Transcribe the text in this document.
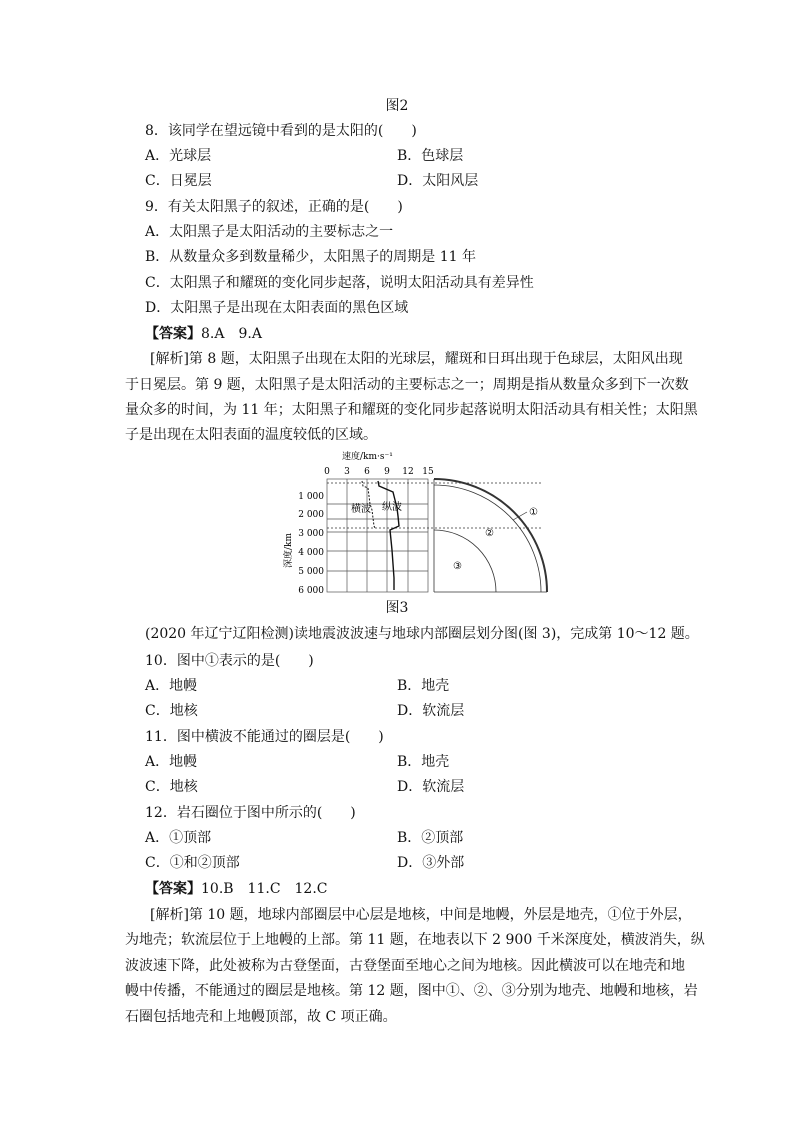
图2
8．该同学在望远镜中看到的是太阳的(　　)
A．光球层	B．色球层
C．日冕层	D．太阳风层
9．有关太阳黑子的叙述，正确的是(　　)
A．太阳黑子是太阳活动的主要标志之一
B．从数量众多到数量稀少，太阳黑子的周期是 11 年
C．太阳黑子和耀斑的变化同步起落，说明太阳活动具有差异性
D．太阳黑子是出现在太阳表面的黑色区域
【答案】8.A　9.A
[解析]第 8 题，太阳黑子出现在太阳的光球层，耀斑和日珥出现于色球层，太阳风出现
于日冕层。第 9 题，太阳黑子是太阳活动的主要标志之一；周期是指从数量众多到下一次数
量众多的时间，为 11 年；太阳黑子和耀斑的变化同步起落说明太阳活动具有相关性；太阳黑
子是出现在太阳表面的温度较低的区域。
速度/km·s⁻¹
0 3 6 9 12 15
1 000
2 000
3 000
4 000
5 000
6 000
深度/km
横波 纵波	①
②
③
图3
(2020 年辽宁辽阳检测)读地震波波速与地球内部圈层划分图(图 3)，完成第 10～12 题。
10．图中①表示的是(　　)
A．地幔	B．地壳
C．地核	D．软流层
11．图中横波不能通过的圈层是(　　)
A．地幔	B．地壳
C．地核	D．软流层
12．岩石圈位于图中所示的(　　)
A．①顶部	B．②顶部
C．①和②顶部	D．③外部
【答案】10.B　11.C　12.C
[解析]第 10 题，地球内部圈层中心层是地核，中间是地幔，外层是地壳，①位于外层，
为地壳；软流层位于上地幔的上部。第 11 题，在地表以下 2 900 千米深度处，横波消失，纵
波波速下降，此处被称为古登堡面，古登堡面至地心之间为地核。因此横波可以在地壳和地
幔中传播，不能通过的圈层是地核。第 12 题，图中①、②、③分别为地壳、地幔和地核，岩
石圈包括地壳和上地幔顶部，故 C 项正确。
